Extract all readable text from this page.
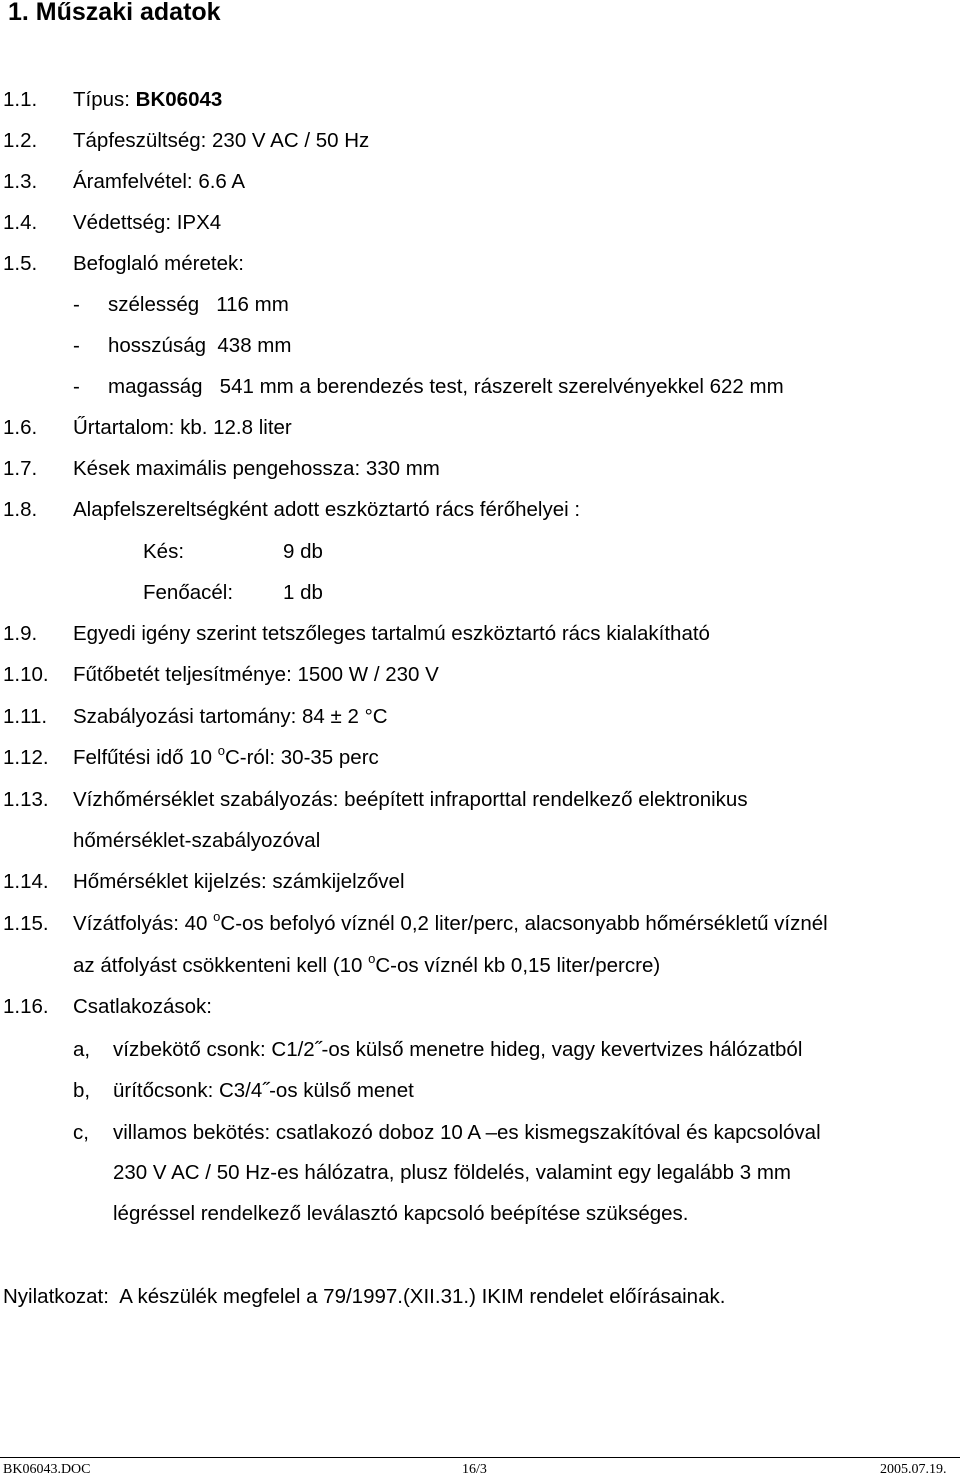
1. Műszaki adatok
1.1. Típus: BK06043
1.2. Tápfeszültség: 230 V AC / 50 Hz
1.3. Áramfelvétel: 6.6 A
1.4. Védettség: IPX4
1.5. Befoglaló méretek:
- szélesség   116 mm
- hosszúság  438 mm
- magasság   541 mm a berendezés test, rászerelt szerelvényekkel 622 mm
1.6. Űrtartalom: kb. 12.8 liter
1.7. Kések maximális pengehossza: 330 mm
1.8. Alapfelszereltségként adott eszköztartó rács férőhelyei :
Kés:	9 db
Fenőacél: 1 db
1.9. Egyedi igény szerint tetszőleges tartalmú eszköztartó rács kialakítható
1.10. Fűtőbetét teljesítménye: 1500 W / 230 V
1.11. Szabályozási tartomány: 84 ± 2 °C
1.12. Felfűtési idő 10 $^o$C-ról: 30-35 perc
1.13. Vízhőmérséklet szabályozás: beépített infraporttal rendelkező elektronikus
hőmérséklet-szabályozóval
1.14. Hőmérséklet kijelzés: számkijelzővel
1.15. Vízátfolyás: 40 $^o$C-os befolyó víznél 0,2 liter/perc, alacsonyabb hőmérsékletű víznél
az átfolyást csökkenteni kell (10 $^o$C-os víznél kb 0,15 liter/percre)
1.16. Csatlakozások:
a, vízbekötő csonk: C1/2˝-os külső menetre hideg, vagy kevertvizes hálózatból
b, ürítőcsonk: C3/4˝-os külső menet
c, villamos bekötés: csatlakozó doboz 10 A –es kismegszakítóval és kapcsolóval
230 V AC / 50 Hz-es hálózatra, plusz földelés, valamint egy legalább 3 mm
légréssel rendelkező leválasztó kapcsoló beépítése szükséges.
Nyilatkozat:  A készülék megfelel a 79/1997.(XII.31.) IKIM rendelet előírásainak.
BK06043.DOC	16/3	2005.07.19.
